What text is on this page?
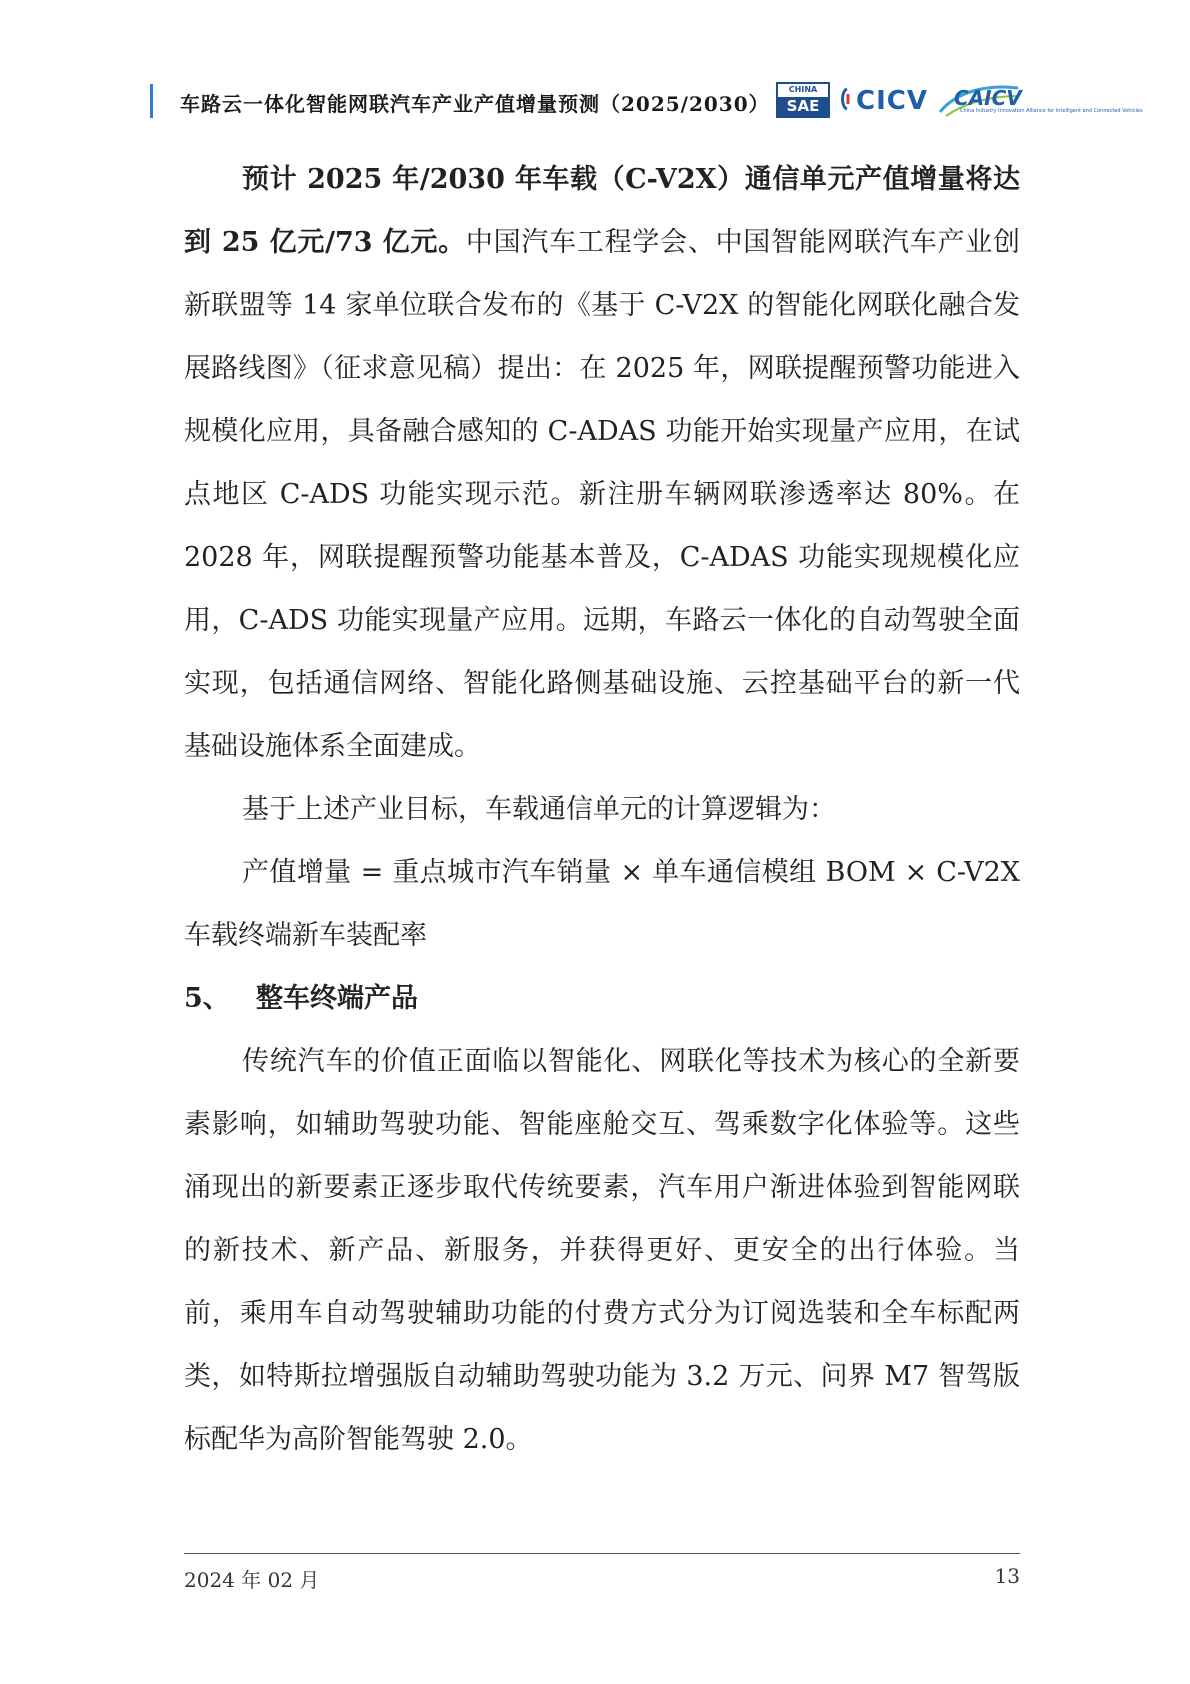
车路云一体化智能网联汽车产业产值增量预测（2025/2030）
CHINA
SAE	CICV CAICV
China Industry Innovation Alliance for Intelligent and Connected Vehicles

预计 2025 年/2030 年车载（C-V2X）通信单元产值增量将达到 25 亿元/73 亿元。中国汽车工程学会、中国智能网联汽车产业创新联盟等 14 家单位联合发布的《基于 C-V2X 的智能化网联化融合发展路线图》（征求意见稿）提出：在 2025 年，网联提醒预警功能进入规模化应用，具备融合感知的 C-ADAS 功能开始实现量产应用，在试点地区 C-ADS 功能实现示范。新注册车辆网联渗透率达 80%。在 2028 年，网联提醒预警功能基本普及，C-ADAS 功能实现规模化应用，C-ADS 功能实现量产应用。远期，车路云一体化的自动驾驶全面实现，包括通信网络、智能化路侧基础设施、云控基础平台的新一代基础设施体系全面建成。

基于上述产业目标，车载通信单元的计算逻辑为：

产值增量 = 重点城市汽车销量 × 单车通信模组 BOM × C-V2X 车载终端新车装配率

5、 整车终端产品

传统汽车的价值正面临以智能化、网联化等技术为核心的全新要素影响，如辅助驾驶功能、智能座舱交互、驾乘数字化体验等。这些涌现出的新要素正逐步取代传统要素，汽车用户渐进体验到智能网联的新技术、新产品、新服务，并获得更好、更安全的出行体验。当前，乘用车自动驾驶辅助功能的付费方式分为订阅选装和全车标配两类，如特斯拉增强版自动辅助驾驶功能为 3.2 万元、问界 M7 智驾版标配华为高阶智能驾驶 2.0。

2024 年 02 月	13
